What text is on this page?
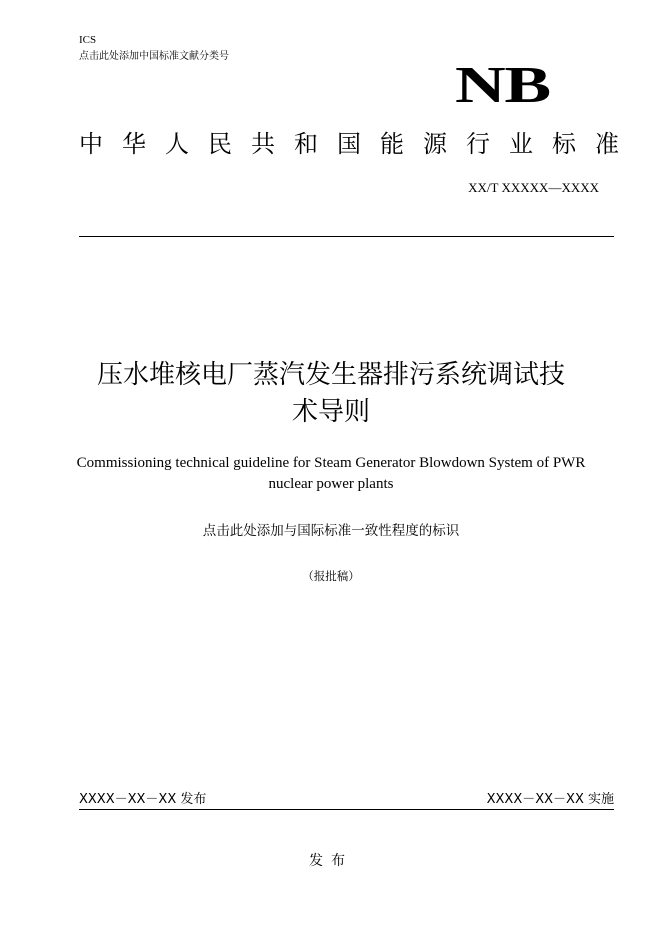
ICS
点击此处添加中国标准文献分类号
NB
中 华 人 民 共 和 国 能 源 行 业 标 准
XX/T XXXXX—XXXX
压水堆核电厂蒸汽发生器排污系统调试技
术导则
Commissioning technical guideline for Steam Generator Blowdown System of PWR
nuclear power plants
点击此处添加与国际标准一致性程度的标识
（报批稿）
XXXX－XX－XX 发布	XXXX－XX－XX 实施
发布
